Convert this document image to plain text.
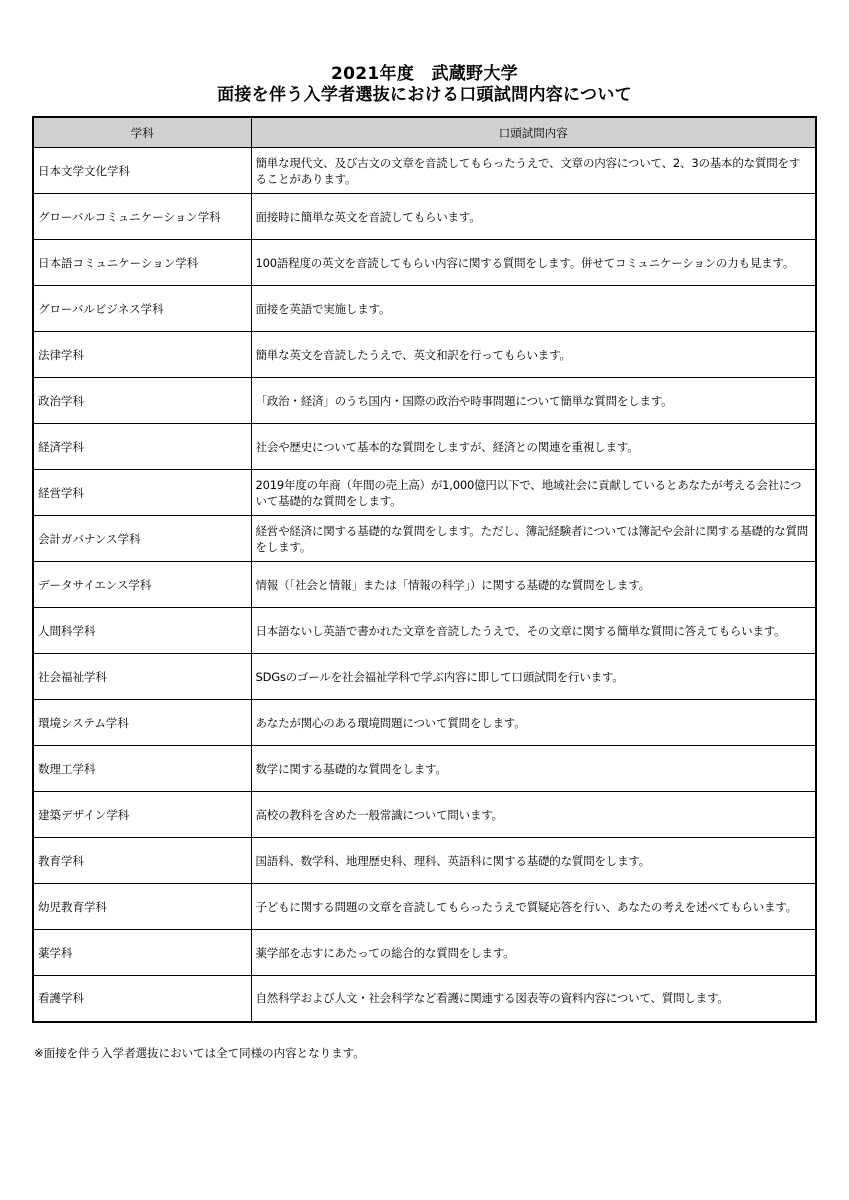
2021年度　武蔵野大学
面接を伴う入学者選抜における口頭試問内容について
学科	口頭試問内容
日本文学文化学科	簡単な現代文、及び古文の文章を音読してもらったうえで、文章の内容について、2、3の基本的な質問をすることがあります。
グローバルコミュニケーション学科	面接時に簡単な英文を音読してもらいます。
日本語コミュニケーション学科	100語程度の英文を音読してもらい内容に関する質問をします。併せてコミュニケーションの力も見ます。
グローバルビジネス学科	面接を英語で実施します。
法律学科	簡単な英文を音読したうえで、英文和訳を行ってもらいます。
政治学科	「政治・経済」のうち国内・国際の政治や時事問題について簡単な質問をします。
経済学科	社会や歴史について基本的な質問をしますが、経済との関連を重視します。
経営学科	2019年度の年商（年間の売上高）が1,000億円以下で、地域社会に貢献しているとあなたが考える会社について基礎的な質問をします。
会計ガバナンス学科	経営や経済に関する基礎的な質問をします。ただし、簿記経験者については簿記や会計に関する基礎的な質問をします。
データサイエンス学科	情報（「社会と情報」または「情報の科学」）に関する基礎的な質問をします。
人間科学科	日本語ないし英語で書かれた文章を音読したうえで、その文章に関する簡単な質問に答えてもらいます。
社会福祉学科	SDGsのゴールを社会福祉学科で学ぶ内容に即して口頭試問を行います。
環境システム学科	あなたが関心のある環境問題について質問をします。
数理工学科	数学に関する基礎的な質問をします。
建築デザイン学科	高校の教科を含めた一般常識について問います。
教育学科	国語科、数学科、地理歴史科、理科、英語科に関する基礎的な質問をします。
幼児教育学科	子どもに関する問題の文章を音読してもらったうえで質疑応答を行い、あなたの考えを述べてもらいます。
薬学科	薬学部を志すにあたっての総合的な質問をします。
看護学科	自然科学および人文・社会科学など看護に関連する図表等の資料内容について、質問します。
※面接を伴う入学者選抜においては全て同様の内容となります。
